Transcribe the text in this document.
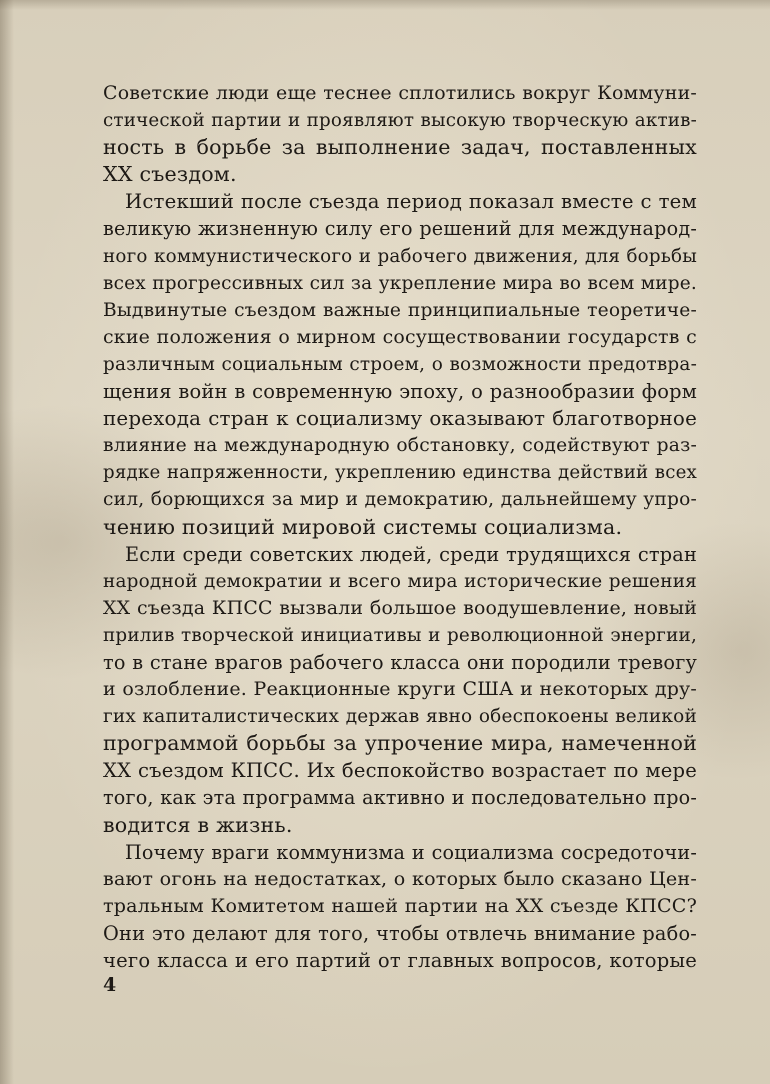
Советские люди еще теснее сплотились вокруг Коммуни-
стической партии и проявляют высокую творческую актив-
ность в борьбе за выполнение задач, поставленных
XX съездом.
Истекший после съезда период показал вместе с тем
великую жизненную силу его решений для международ-
ного коммунистического и рабочего движения, для борьбы
всех прогрессивных сил за укрепление мира во всем мире.
Выдвинутые съездом важные принципиальные теоретиче-
ские положения о мирном сосуществовании государств с
различным социальным строем, о возможности предотвра-
щения войн в современную эпоху, о разнообразии форм
перехода стран к социализму оказывают благотворное
влияние на международную обстановку, содействуют раз-
рядке напряженности, укреплению единства действий всех
сил, борющихся за мир и демократию, дальнейшему упро-
чению позиций мировой системы социализма.
Если среди советских людей, среди трудящихся стран
народной демократии и всего мира исторические решения
XX съезда КПСС вызвали большое воодушевление, новый
прилив творческой инициативы и революционной энергии,
то в стане врагов рабочего класса они породили тревогу
и озлобление. Реакционные круги США и некоторых дру-
гих капиталистических держав явно обеспокоены великой
программой борьбы за упрочение мира, намеченной
XX съездом КПСС. Их беспокойство возрастает по мере
того, как эта программа активно и последовательно про-
водится в жизнь.
Почему враги коммунизма и социализма сосредоточи-
вают огонь на недостатках, о которых было сказано Цен-
тральным Комитетом нашей партии на XX съезде КПСС?
Они это делают для того, чтобы отвлечь внимание рабо-
чего класса и его партий от главных вопросов, которые
4
